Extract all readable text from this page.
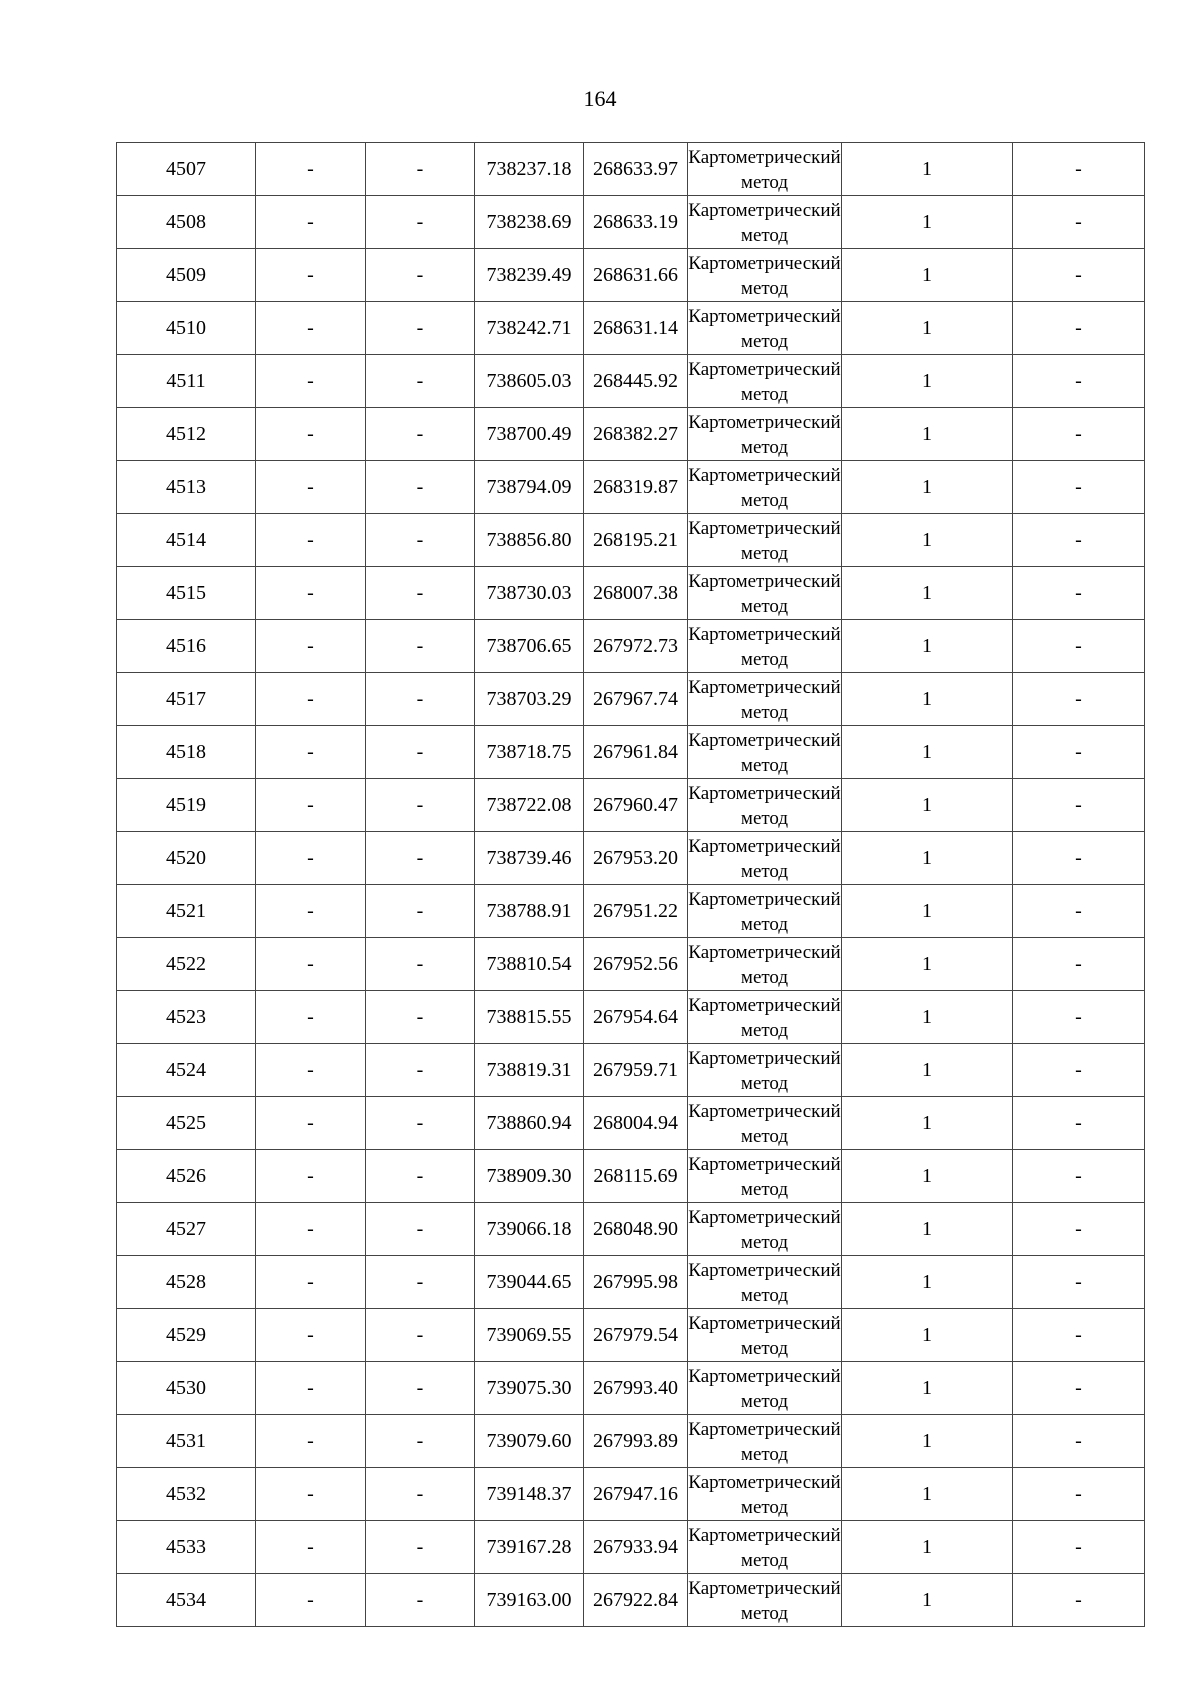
164
4507	-	-	738237.18	268633.97	Картометрический метод	1	-
4508	-	-	738238.69	268633.19	Картометрический метод	1	-
4509	-	-	738239.49	268631.66	Картометрический метод	1	-
4510	-	-	738242.71	268631.14	Картометрический метод	1	-
4511	-	-	738605.03	268445.92	Картометрический метод	1	-
4512	-	-	738700.49	268382.27	Картометрический метод	1	-
4513	-	-	738794.09	268319.87	Картометрический метод	1	-
4514	-	-	738856.80	268195.21	Картометрический метод	1	-
4515	-	-	738730.03	268007.38	Картометрический метод	1	-
4516	-	-	738706.65	267972.73	Картометрический метод	1	-
4517	-	-	738703.29	267967.74	Картометрический метод	1	-
4518	-	-	738718.75	267961.84	Картометрический метод	1	-
4519	-	-	738722.08	267960.47	Картометрический метод	1	-
4520	-	-	738739.46	267953.20	Картометрический метод	1	-
4521	-	-	738788.91	267951.22	Картометрический метод	1	-
4522	-	-	738810.54	267952.56	Картометрический метод	1	-
4523	-	-	738815.55	267954.64	Картометрический метод	1	-
4524	-	-	738819.31	267959.71	Картометрический метод	1	-
4525	-	-	738860.94	268004.94	Картометрический метод	1	-
4526	-	-	738909.30	268115.69	Картометрический метод	1	-
4527	-	-	739066.18	268048.90	Картометрический метод	1	-
4528	-	-	739044.65	267995.98	Картометрический метод	1	-
4529	-	-	739069.55	267979.54	Картометрический метод	1	-
4530	-	-	739075.30	267993.40	Картометрический метод	1	-
4531	-	-	739079.60	267993.89	Картометрический метод	1	-
4532	-	-	739148.37	267947.16	Картометрический метод	1	-
4533	-	-	739167.28	267933.94	Картометрический метод	1	-
4534	-	-	739163.00	267922.84	Картометрический метод	1	-
